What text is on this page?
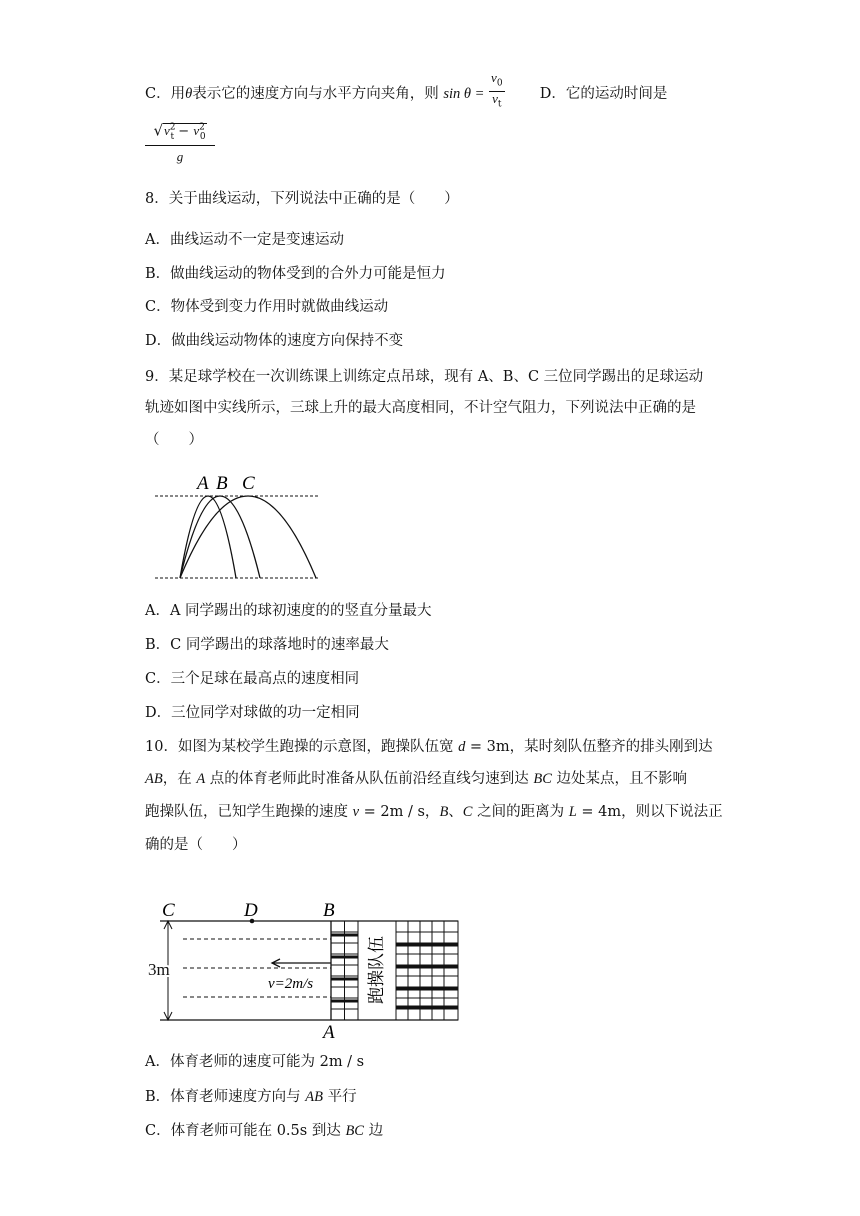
C．用θ表示它的速度方向与水平方向夹角，则 $\sin \theta = \frac{v_0}{v_t}$ D．它的运动时间是
$√v^2_t - v^2_0$
g
8．关于曲线运动，下列说法中正确的是（　　）
A．曲线运动不一定是变速运动
B．做曲线运动的物体受到的合外力可能是恒力
C．物体受到变力作用时就做曲线运动
D．做曲线运动物体的速度方向保持不变
9．某足球学校在一次训练课上训练定点吊球，现有 A、B、C 三位同学踢出的足球运动
轨迹如图中实线所示，三球上升的最大高度相同，不计空气阻力，下列说法中正确的是
（　　）
A B C
A．A 同学踢出的球初速度的的竖直分量最大
B．C 同学踢出的球落地时的速率最大
C．三个足球在最高点的速度相同
D．三位同学对球做的功一定相同
10．如图为某校学生跑操的示意图，跑操队伍宽 d = 3m，某时刻队伍整齐的排头刚到达
AB，在 A 点的体育老师此时准备从队伍前沿经直线匀速到达 BC 边处某点，且不影响
跑操队伍，已知学生跑操的速度 v = 2m / s，B、C 之间的距离为 L = 4m，则以下说法正
确的是（　　）
C	D	B
A
3m
v=2m/s	跑操队伍
A．体育老师的速度可能为 2m / s
B．体育老师速度方向与 AB 平行
C．体育老师可能在 0.5s 到达 BC 边
